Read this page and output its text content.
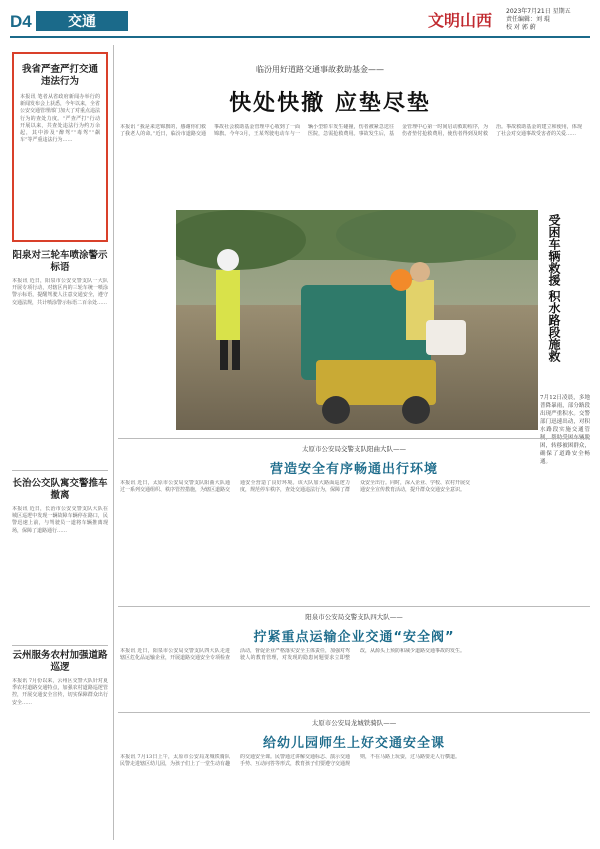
D4	交通	文明山西 2023年7月21日 星期五
责任编辑：刘 琨
校 对 郭 蔚
我省严查严打交通违法行为
本报讯 笔者从省政府新闻办举行的新闻发布会上获悉，今年以来，全省公安交通管理部门加大了对重点违法行为的查处力度。“严查严打”行动开展以来，共查处违法行为约万余起，其中涉及“醉驾”“毒驾”“飙车”等严重违法行为……
阳泉对三轮车喷涂警示标语
本报讯 近日，阳泉市公安交警支队一大队开展专项行动，对辖区内的三轮车统一喷涂警示标语，提醒驾驶人注意交通安全，遵守交通法规，共计喷涂警示标语二百余处……
长治公交队寓交警推车撤离
本报讯 近日，长治市公安交警支队大队在城区巡逻中发现一辆故障车辆停在路口，民警迅速上前，与驾驶员一道将车辆推离现场，保障了道路通行……
云州服务农村加强道路巡逻
本报讯 7月份以来，云州区交警大队针对夏季农村道路交通特点，加强农村道路巡逻管控，开展交通安全宣传，切实保障群众出行安全……
临汾用好道路交通事故救助基金——
快处快撤 应垫尽垫
本报讯 “我是来送锦旗的，感谢你们救了我老人的命。”近日，临汾市道路交通事故社会救助基金管理中心收到了一面锦旗。今年3月，王某驾驶电动车与一辆小型轿车发生碰撞，伤者被紧急送往医院，急需抢救费用。事故发生后，基金管理中心第一时间启动救助程序，为伤者垫付抢救费用，使伤者得到及时救治。事故救助基金的建立和使用，体现了社会对交通事故受害者的关爱……
受困车辆救援 积水路段施救
7月12日凌晨，多地普降暴雨，部分路段出现严重积水。交警部门迅速出动，对积水路段实施交通管 困，转移被困群众，确保了道路安全畅通。
太原市公安局交警支队阳曲大队——
营造安全有序畅通出行环境
本报讯 近日，太原市公安局交警支队阳曲大队通过一系列交通组织、秩序管控措施，为辖区道路交通安全营造了良好环境。该大队加大路面巡逻力度，规范停车秩序，查处交通违法行为，保障了群众安全出行。同时，深入企业、学校、农村开展交通安全宣传教育活动，提升群众交通安全意识。
阳泉市公安局交警支队四大队——
拧紧重点运输企业交通“安全阀”
本报讯 近日，阳泉市公安局交警支队四大队走进辖区危化品运输企业，开展道路交通安全专项检查活动，督促企业严格落实安全主体责任，加强对驾驶人的教育管理，对发现的隐患问题要求立即整改，从源头上预防和减少道路交通事故的发生。
太原市公安局龙城铁骑队——
给幼儿园师生上好交通安全课
本报讯 7月13日上午，太原市公安局龙城铁骑队民警走进辖区幼儿园，为孩子们上了一堂生动有趣的交通安全课。民警通过讲解交通标志、演示交通手势、互动问答等形式，教育孩子们要遵守交通规则，不在马路上玩耍，过马路要走人行横道。
